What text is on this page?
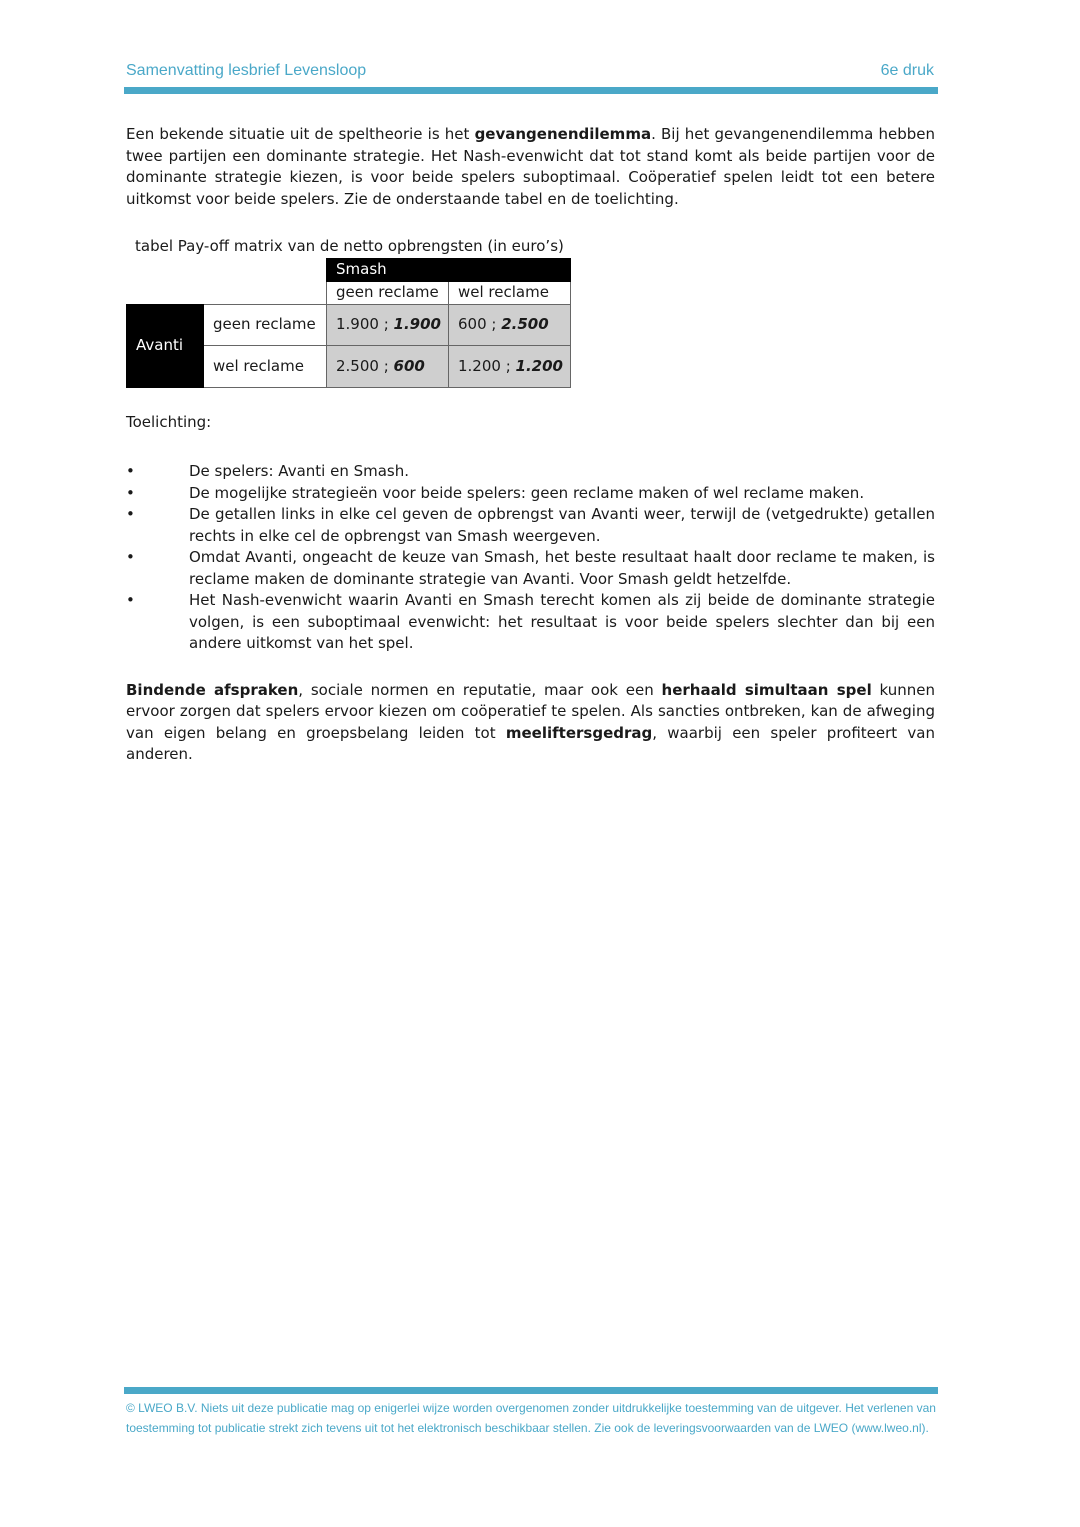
Samenvatting lesbrief Levensloop	6e druk

Een bekende situatie uit de speltheorie is het gevangenendilemma. Bij het gevangenendilemma hebben twee partijen een dominante strategie. Het Nash-evenwicht dat tot stand komt als beide partijen voor de dominante strategie kiezen, is voor beide spelers suboptimaal. Coöperatief spelen leidt tot een betere uitkomst voor beide spelers. Zie de onderstaande tabel en de toelichting.

tabel Pay-off matrix van de netto opbrengsten (in euro’s)
		Smash	
		geen reclame	wel reclame
Avanti	geen reclame	1.900 ; 1.900	600 ; 2.500
	wel reclame	2.500 ; 600	1.200 ; 1.200
Toelichting:
•	De spelers: Avanti en Smash.
•	De mogelijke strategieën voor beide spelers: geen reclame maken of wel reclame maken.
•	De getallen links in elke cel geven de opbrengst van Avanti weer, terwijl de (vetgedrukte) getallen rechts in elke cel de opbrengst van Smash weergeven.
•	Omdat Avanti, ongeacht de keuze van Smash, het beste resultaat haalt door reclame te maken, is reclame maken de dominante strategie van Avanti. Voor Smash geldt hetzelfde.
•	Het Nash-evenwicht waarin Avanti en Smash terecht komen als zij beide de dominante strategie volgen, is een suboptimaal evenwicht: het resultaat is voor beide spelers slechter dan bij een andere uitkomst van het spel.

Bindende afspraken, sociale normen en reputatie, maar ook een herhaald simultaan spel kunnen ervoor zorgen dat spelers ervoor kiezen om coöperatief te spelen. Als sancties ontbreken, kan de afweging van eigen belang en groepsbelang leiden tot meeliftersgedrag, waarbij een speler profiteert van anderen.

© LWEO B.V. Niets uit deze publicatie mag op enigerlei wijze worden overgenomen zonder uitdrukkelijke toestemming van de uitgever. Het verlenen van toestemming tot publicatie strekt zich tevens uit tot het elektronisch beschikbaar stellen. Zie ook de leveringsvoorwaarden van de LWEO (www.lweo.nl).
